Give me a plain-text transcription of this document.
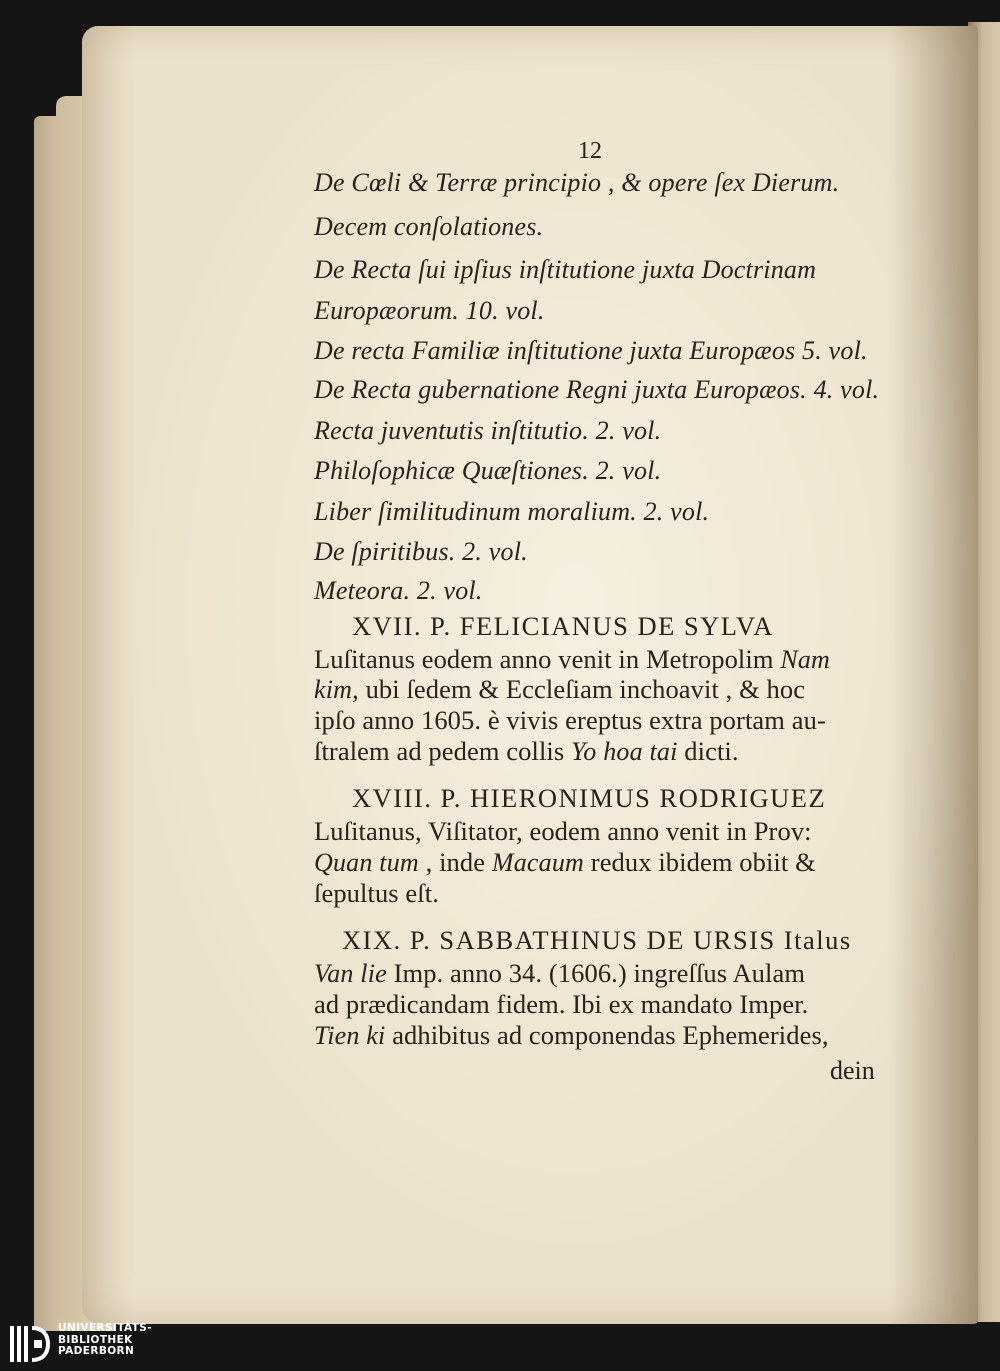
12
De Cœli & Terræ principio , & opere ſex Dierum.
Decem conſolationes.
De Recta ſui ipſius inſtitutione juxta Doctrinam
Europæorum. 10. vol.
De recta Familiæ inſtitutione juxta Europæos 5. vol.
De Recta gubernatione Regni juxta Europæos. 4. vol.
Recta juventutis inſtitutio. 2. vol.
Philoſophicæ Quæſtiones. 2. vol.
Liber ſimilitudinum moralium. 2. vol.
De ſpiritibus. 2. vol.
Meteora. 2. vol.
XVII. P. FELICIANUS DE SYLVA
Luſitanus eodem anno venit in Metropolim Nam
kim, ubi ſedem & Eccleſiam inchoavit , & hoc
ipſo anno 1605. è vivis ereptus extra portam au-
ſtralem ad pedem collis Yo hoa tai dicti.
XVIII. P. HIERONIMUS RODRIGUEZ
Luſitanus, Viſitator, eodem anno venit in Prov:
Quan tum , inde Macaum redux ibidem obiit &
ſepultus eſt.
XIX. P. SABBATHINUS DE URSIS Italus
Van lie Imp. anno 34. (1606.) ingreſſus Aulam
ad prædicandam fidem. Ibi ex mandato Imper.
Tien ki adhibitus ad componendas Ephemerides,
dein
UNIVERSITÄTS-
BIBLIOTHEK
PADERBORN
